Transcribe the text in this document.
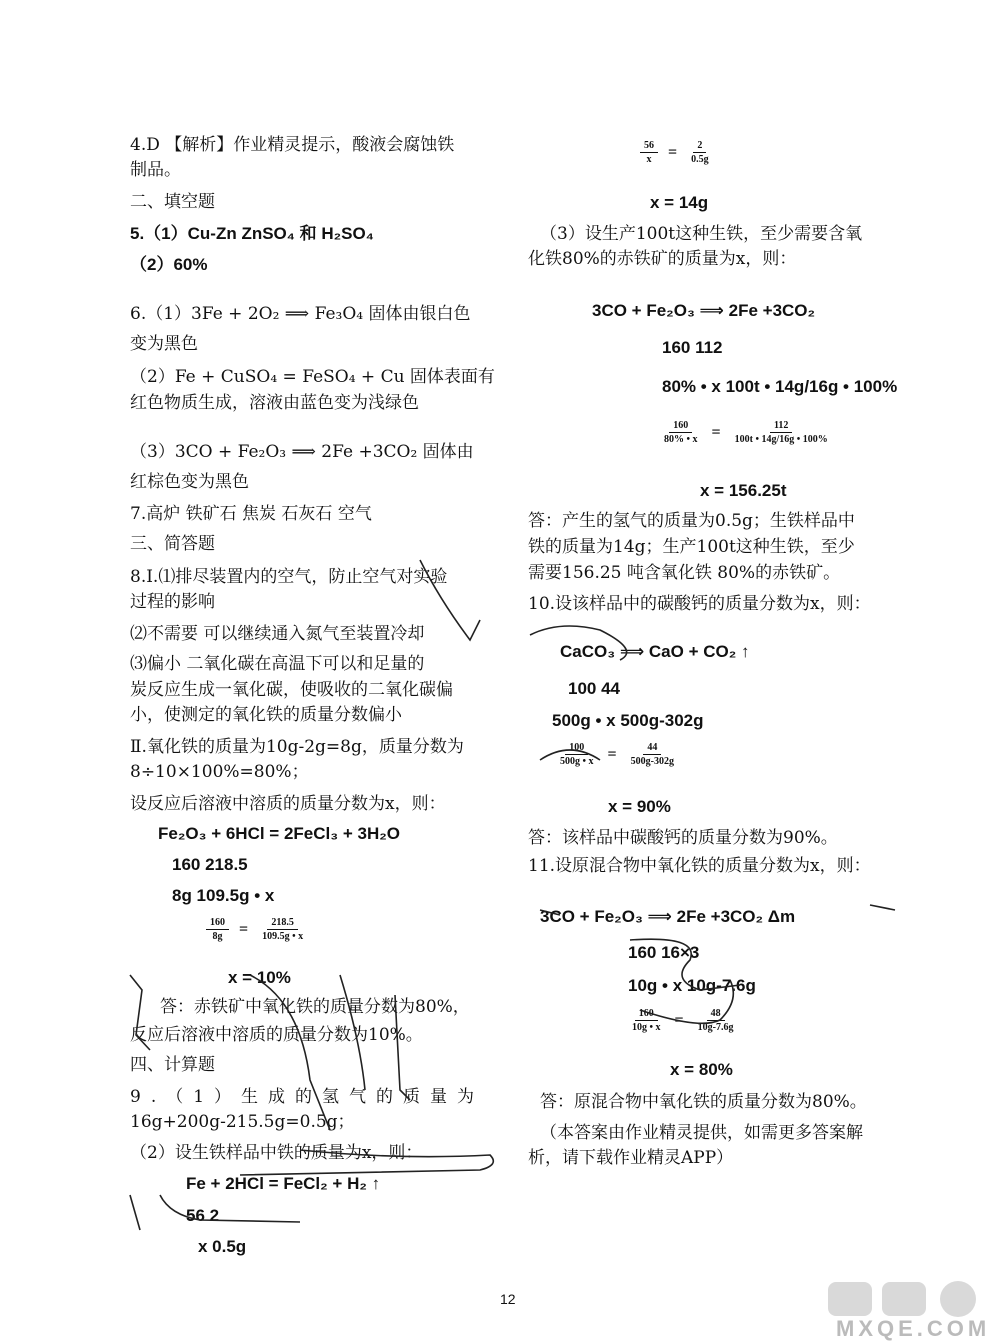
4.D 【解析】作业精灵提示，酸液会腐蚀铁
制品。
二、填空题
5.（1）Cu-Zn ZnSO₄ 和 H₂SO₄
（2）60%
6.（1）3Fe + 2O₂ ⟹ Fe₃O₄ 固体由银白色
变为黑色
（2）Fe + CuSO₄ = FeSO₄ + Cu 固体表面有
红色物质生成，溶液由蓝色变为浅绿色
（3）3CO + Fe₂O₃ ⟹ 2Fe +3CO₂ 固体由
红棕色变为黑色
7.高炉 铁矿石 焦炭 石灰石 空气
三、简答题
8.Ⅰ.⑴排尽装置内的空气，防止空气对实验
过程的影响
⑵不需要 可以继续通入氮气至装置冷却
⑶偏小 二氧化碳在高温下可以和足量的
炭反应生成一氧化碳，使吸收的二氧化碳偏
小，使测定的氧化铁的质量分数偏小
Ⅱ.氧化铁的质量为10g-2g=8g，质量分数为
8÷10×100%=80%；
设反应后溶液中溶质的质量分数为x，则：
Fe₂O₃ + 6HCl = 2FeCl₃ + 3H₂O
160 218.5
8g 109.5g • x
$\frac{160}{8g} = \frac{218.5}{109.5g • x}$
x = 10%
答：赤铁矿中氧化铁的质量分数为80%，
反应后溶液中溶质的质量分数为10%。
四、计算题
9.（1）生成的氢气的质量为
16g+200g-215.5g=0.5g；
（2）设生铁样品中铁的质量为x，则：
Fe + 2HCl = FeCl₂ + H₂ ↑
56 2
x 0.5g
$\frac{56}{x} = \frac{2}{0.5g}$
x = 14g
（3）设生产100t这种生铁，至少需要含氧
化铁80%的赤铁矿的质量为x，则：
3CO + Fe₂O₃ ⟹ 2Fe +3CO₂
160 112
80% • x 100t • 14g/16g • 100%
$\frac{160}{80\% • x} = \frac{112}{100t • 14g/16g • 100\%}$
x = 156.25t
答：产生的氢气的质量为0.5g；生铁样品中
铁的质量为14g；生产100t这种生铁，至少
需要156.25 吨含氧化铁 80%的赤铁矿。
10.设该样品中的碳酸钙的质量分数为x，则：
CaCO₃ ⟹ CaO + CO₂ ↑
100 44
500g • x 500g-302g
$\frac{100}{500g • x} = \frac{44}{500g-302g}$
x = 90%
答：该样品中碳酸钙的质量分数为90%。
11.设原混合物中氧化铁的质量分数为x，则：
3CO + Fe₂O₃ ⟹ 2Fe +3CO₂ Δm
160 16×3
10g • x 10g-7.6g
$\frac{160}{10g • x} = \frac{48}{10g-7.6g}$
x = 80%
答：原混合物中氧化铁的质量分数为80%。
（本答案由作业精灵提供，如需更多答案解
析，请下载作业精灵APP）
12
MXQE.COM
